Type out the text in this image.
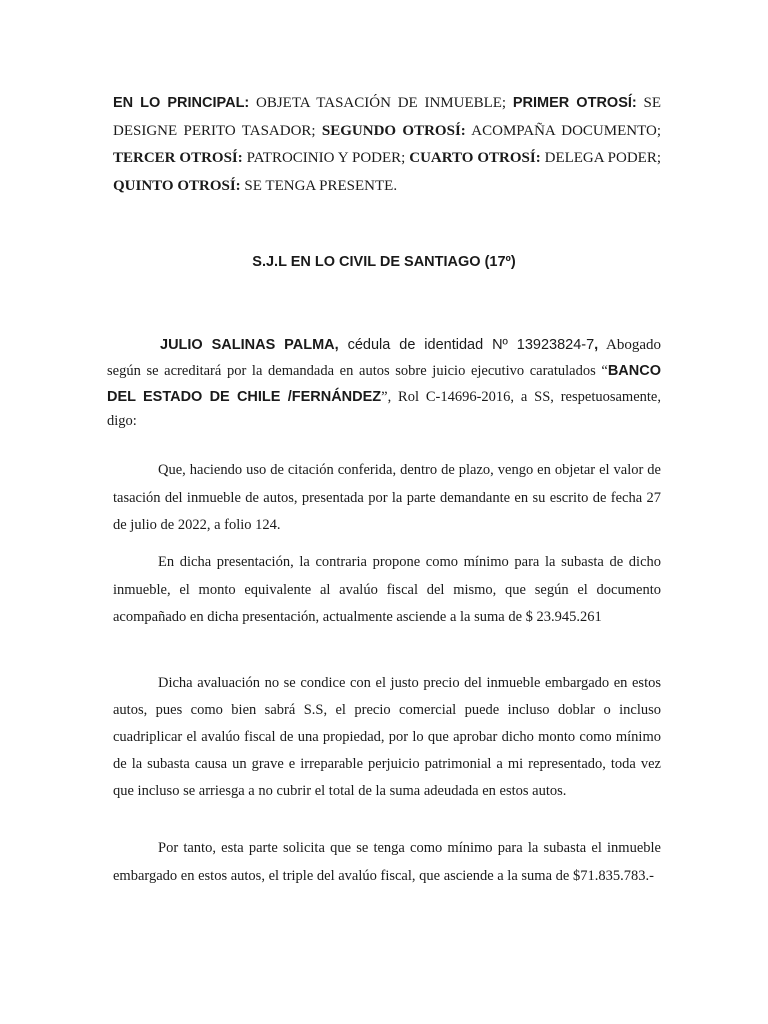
EN LO PRINCIPAL: OBJETA TASACIÓN DE INMUEBLE; PRIMER OTROSÍ: SE DESIGNE PERITO TASADOR; SEGUNDO OTROSÍ: ACOMPAÑA DOCUMENTO; TERCER OTROSÍ: PATROCINIO Y PODER; CUARTO OTROSÍ: DELEGA PODER; QUINTO OTROSÍ: SE TENGA PRESENTE.
S.J.L EN LO CIVIL DE SANTIAGO (17º)
JULIO SALINAS PALMA, cédula de identidad Nº 13923824-7, Abogado
según se acreditará por la demandada en autos sobre juicio ejecutivo caratulados “BANCO
DEL ESTADO DE CHILE /FERNÁNDEZ”, Rol C-14696-2016, a SS, respetuosamente,
digo:

Que, haciendo uso de citación conferida, dentro de plazo, vengo en objetar el valor de tasación del inmueble de autos, presentada por la parte demandante en su escrito de fecha 27 de julio de 2022, a folio 124.

En dicha presentación, la contraria propone como mínimo para la subasta de dicho inmueble, el monto equivalente al avalúo fiscal del mismo, que según el documento acompañado en dicha presentación, actualmente asciende a la suma de $ 23.945.261

Dicha avaluación no se condice con el justo precio del inmueble embargado en estos autos, pues como bien sabrá S.S, el precio comercial puede incluso doblar o incluso cuadriplicar el avalúo fiscal de una propiedad, por lo que aprobar dicho monto como mínimo de la subasta causa un grave e irreparable perjuicio patrimonial a mi representado, toda vez que incluso se arriesga a no cubrir el total de la suma adeudada en estos autos.

Por tanto, esta parte solicita que se tenga como mínimo para la subasta el inmueble embargado en estos autos, el triple del avalúo fiscal, que asciende a la suma de $71.835.783.-
